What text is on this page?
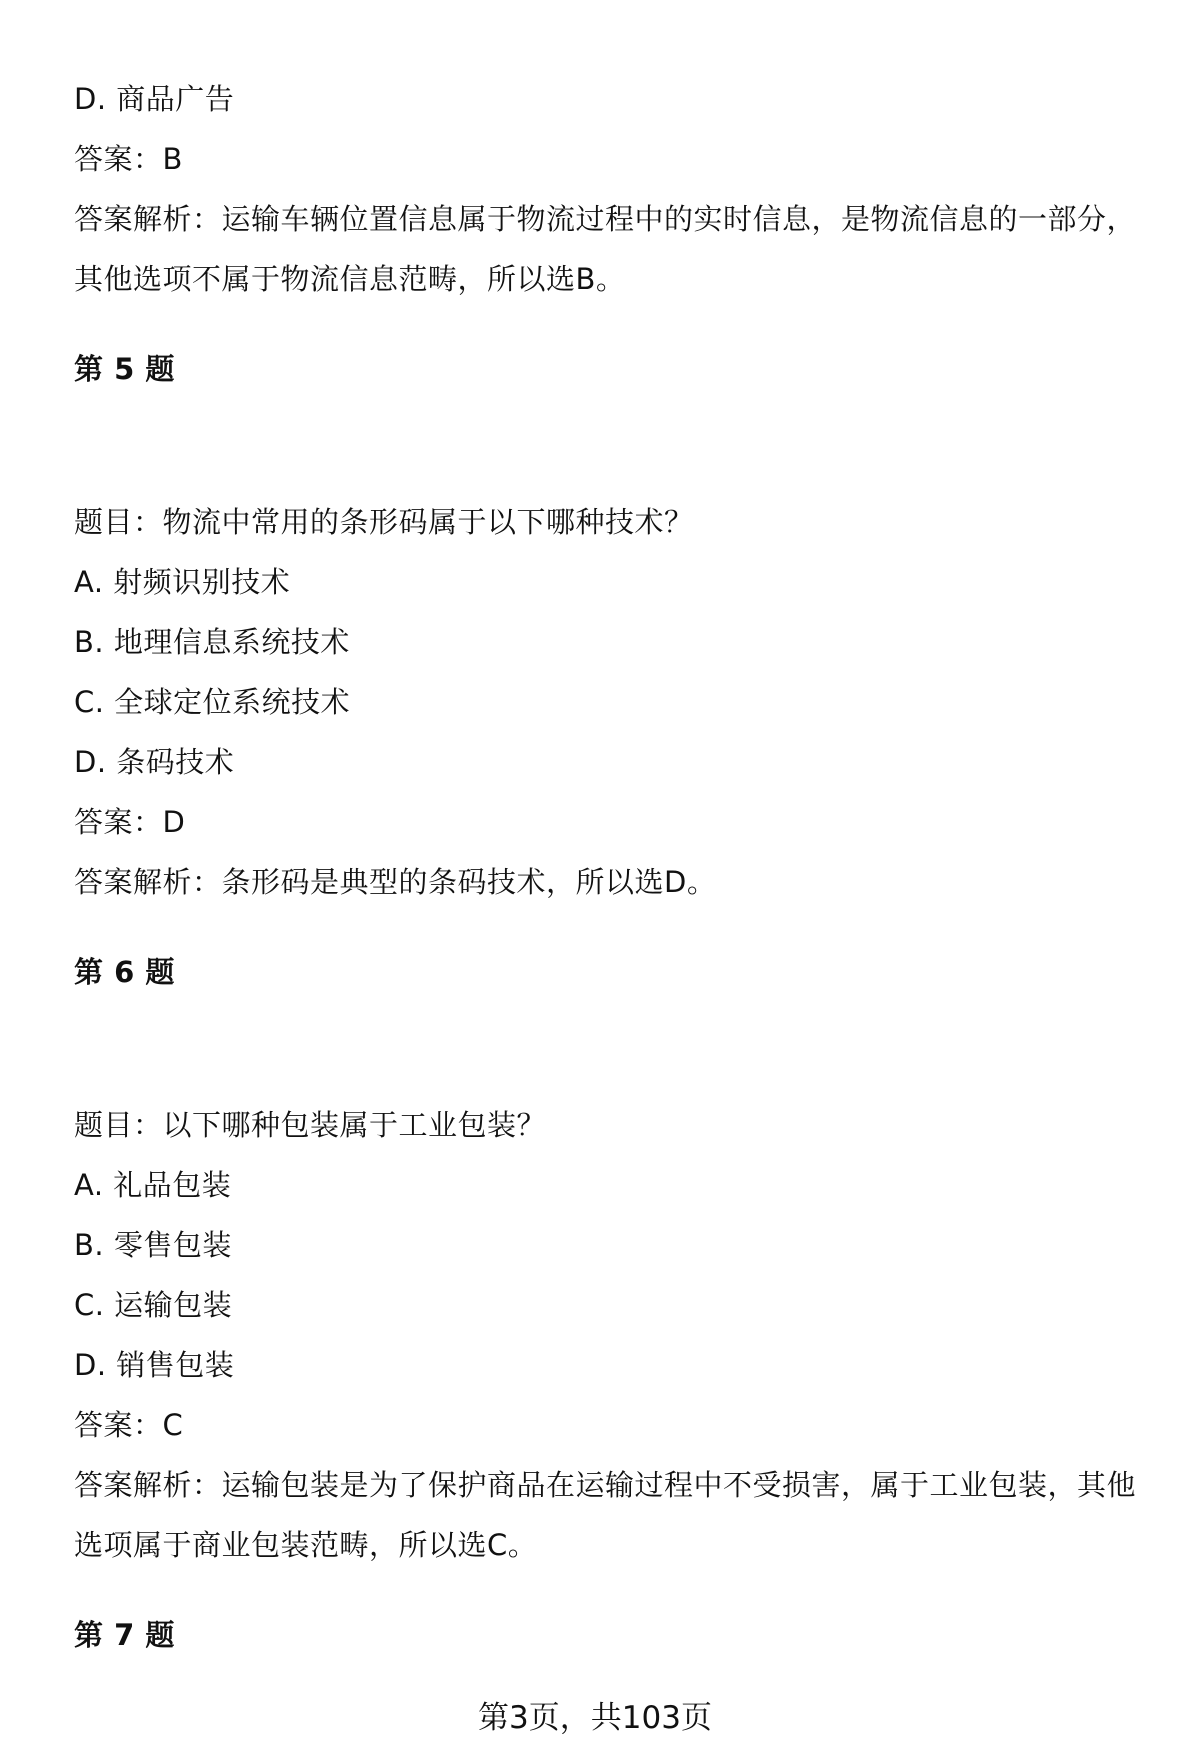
D. 商品广告
答案：B
答案解析：运输车辆位置信息属于物流过程中的实时信息，是物流信息的一部分，
其他选项不属于物流信息范畴，所以选B。
第 5 题
题目：物流中常用的条形码属于以下哪种技术？
A. 射频识别技术
B. 地理信息系统技术
C. 全球定位系统技术
D. 条码技术
答案：D
答案解析：条形码是典型的条码技术，所以选D。
第 6 题
题目：以下哪种包装属于工业包装？
A. 礼品包装
B. 零售包装
C. 运输包装
D. 销售包装
答案：C
答案解析：运输包装是为了保护商品在运输过程中不受损害，属于工业包装，其他
选项属于商业包装范畴，所以选C。
第 7 题
第3页，共103页
